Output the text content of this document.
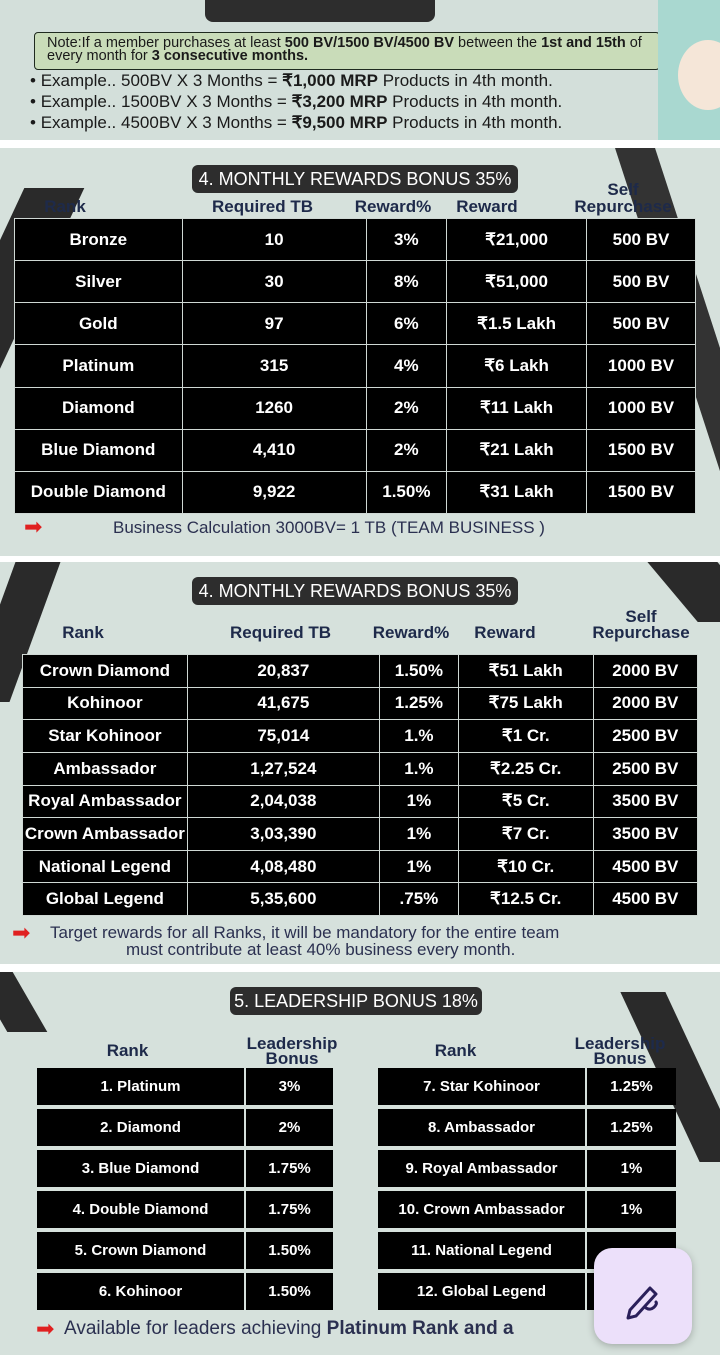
Note:If a member purchases at least 500 BV/1500 BV/4500 BV between the 1st and 15th of every month for 3 consecutive months.
• Example.. 500BV X 3 Months = ₹1,000 MRP Products in 4th month.
• Example.. 1500BV X 3 Months = ₹3,200 MRP Products in 4th month.
• Example.. 4500BV X 3 Months = ₹9,500 MRP Products in 4th month.
4. MONTHLY REWARDS BONUS 35%
Rank	Required TB	Reward%	Reward
Self
Repurchase
Bronze	10	3%	₹21,000	500 BV
Silver	30	8%	₹51,000	500 BV
Gold	97	6%	₹1.5 Lakh	500 BV
Platinum	315	4%	₹6 Lakh	1000 BV
Diamond	1260	2%	₹11 Lakh	1000 BV
Blue Diamond	4,410	2%	₹21 Lakh	1500 BV
Double Diamond	9,922	1.50%	₹31 Lakh	1500 BV
➡	Business Calculation 3000BV= 1 TB (TEAM BUSINESS )
4. MONTHLY REWARDS BONUS 35%
Rank	Required TB	Reward%	Reward
Self
Repurchase
Crown Diamond	20,837	1.50%	₹51 Lakh	2000 BV
Kohinoor	41,675	1.25%	₹75 Lakh	2000 BV
Star Kohinoor	75,014	1.%	₹1 Cr.	2500 BV
Ambassador	1,27,524	1.%	₹2.25 Cr.	2500 BV
Royal Ambassador	2,04,038	1%	₹5 Cr.	3500 BV
Crown Ambassador	3,03,390	1%	₹7 Cr.	3500 BV
National Legend	4,08,480	1%	₹10 Cr.	4500 BV
Global Legend	5,35,600	.75%	₹12.5 Cr.	4500 BV
➡ Target rewards for all Ranks, it will be mandatory for the entire team
must contribute at least 40% business every month.
5. LEADERSHIP BONUS 18%
Rank	Leadership
Bonus	Rank	Leadership
Bonus
1. Platinum	3%
2. Diamond	2%
3. Blue Diamond	1.75%
4. Double Diamond	1.75%
5. Crown Diamond	1.50%
6. Kohinoor	1.50%
7. Star Kohinoor	1.25%
8. Ambassador	1.25%
9. Royal Ambassador	1%
10. Crown Ambassador	1%
11. National Legend
12. Global Legend
➡ Available for leaders achieving Platinum Rank and a
